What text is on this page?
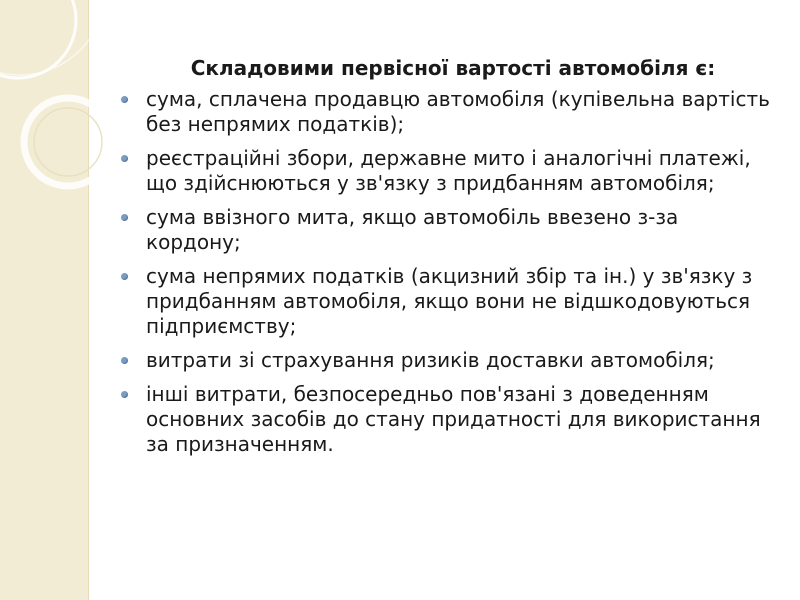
Складовими первісної вартості автомобіля є:
сума, сплачена продавцю автомобіля (купівельна вартість без непрямих податків);
реєстраційні збори, державне мито і аналогічні платежі, що здійснюються у зв'язку з придбанням автомобіля;
сума ввізного мита, якщо автомобіль ввезено з-за кордону;
сума непрямих податків (акцизний збір та ін.) у зв'язку з придбанням автомобіля, якщо вони не відшкодовуються підприємству;
витрати зі страхування ризиків доставки автомобіля;
інші витрати, безпосередньо пов'язані з доведенням основних засобів до стану придатності для використання за призначенням.
